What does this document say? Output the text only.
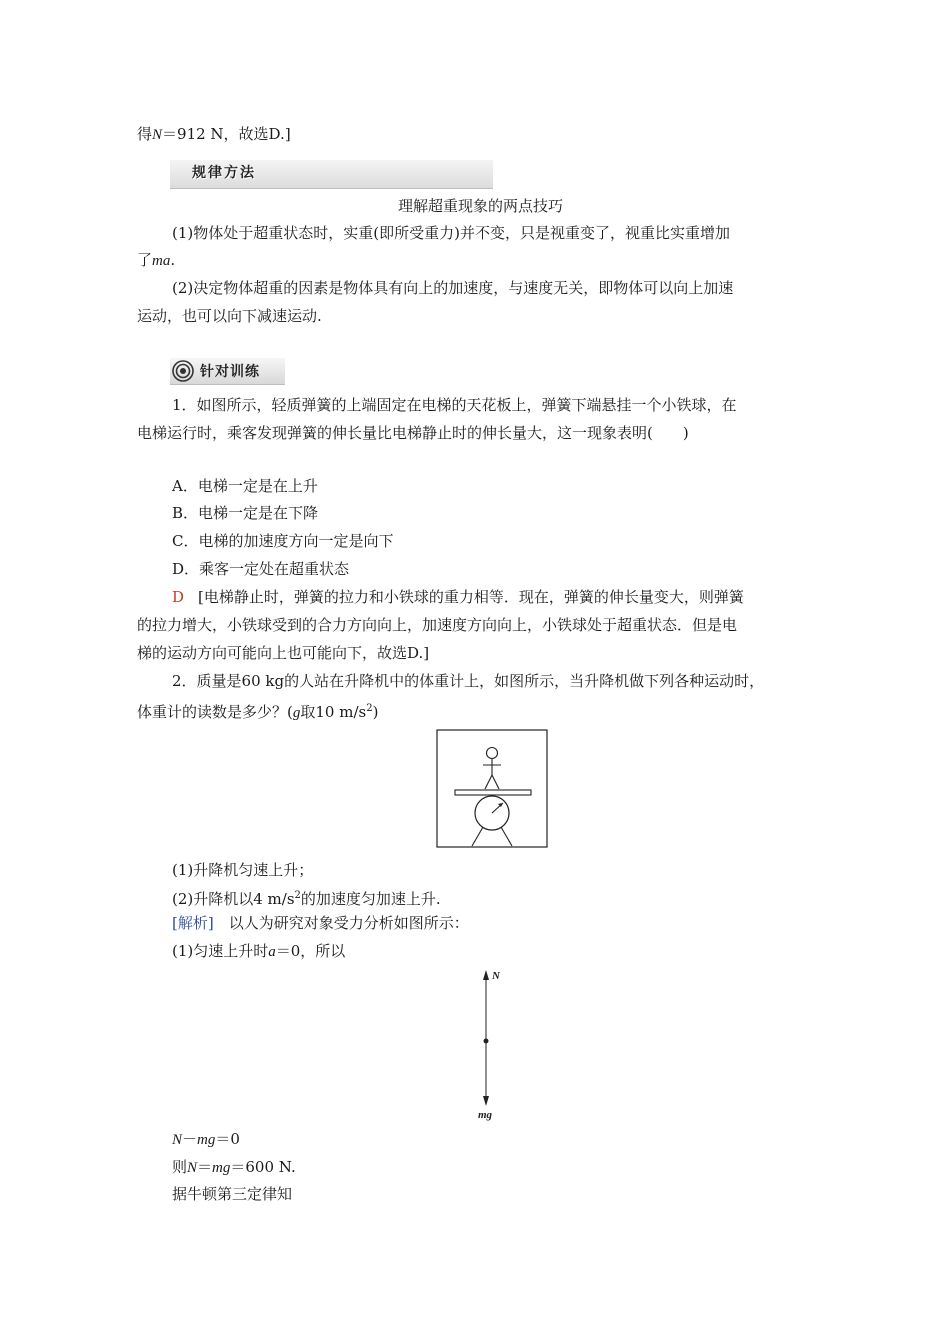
得N＝912 N，故选D.]
规律方法
理解超重现象的两点技巧
(1)物体处于超重状态时，实重(即所受重力)并不变，只是视重变了，视重比实重增加
了ma.
(2)决定物体超重的因素是物体具有向上的加速度，与速度无关，即物体可以向上加速
运动，也可以向下减速运动.
针对训练
1．如图所示，轻质弹簧的上端固定在电梯的天花板上，弹簧下端悬挂一个小铁球，在
电梯运行时，乘客发现弹簧的伸长量比电梯静止时的伸长量大，这一现象表明(　　)
A．电梯一定是在上升
B．电梯一定是在下降
C．电梯的加速度方向一定是向下
D．乘客一定处在超重状态
D [电梯静止时，弹簧的拉力和小铁球的重力相等．现在，弹簧的伸长量变大，则弹簧
的拉力增大，小铁球受到的合力方向向上，加速度方向向上，小铁球处于超重状态．但是电
梯的运动方向可能向上也可能向下，故选D.]
2．质量是60 kg的人站在升降机中的体重计上，如图所示，当升降机做下列各种运动时，
体重计的读数是多少？(g取10 $m/s^2$)
(1)升降机匀速上升；
(2)升降机以4 $m/s^2$的加速度匀加速上升.
[解析]　以人为研究对象受力分析如图所示：
(1)匀速上升时a＝0，所以
N
mg
N－mg＝0
则N＝mg＝600 N.
据牛顿第三定律知
